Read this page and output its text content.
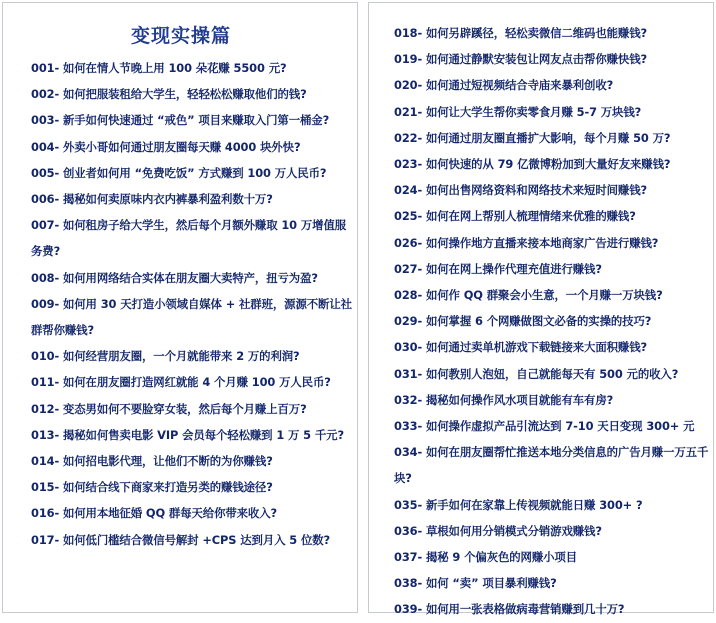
变现实操篇
001- 如何在情人节晚上用 100 朵花赚 5500 元?
002- 如何把服装租给大学生，轻轻松松赚取他们的钱?
003- 新手如何快速通过 “戒色” 项目来赚取入门第一桶金?
004- 外卖小哥如何通过朋友圈每天赚 4000 块外快?
005- 创业者如何用 “免费吃饭” 方式赚到 100 万人民币?
006- 揭秘如何卖原味内衣内裤暴利盈利数十万?
007- 如何租房子给大学生，然后每个月额外赚取 10 万增值服务费?
008- 如何用网络结合实体在朋友圈大卖特产，扭亏为盈?
009- 如何用 30 天打造小领域自媒体 + 社群班，源源不断让社群帮你赚钱?
010- 如何经营朋友圈，一个月就能带来 2 万的利润?
011- 如何在朋友圈打造网红就能 4 个月赚 100 万人民币?
012- 变态男如何不要脸穿女装，然后每个月赚上百万?
013- 揭秘如何售卖电影 VIP 会员每个轻松赚到 1 万 5 千元?
014- 如何招电影代理，让他们不断的为你赚钱?
015- 如何结合线下商家来打造另类的赚钱途径?
016- 如何用本地征婚 QQ 群每天给你带来收入?
017- 如何低门槛结合微信号解封 +CPS 达到月入 5 位数?
018- 如何另辟蹊径，轻松卖微信二维码也能赚钱?
019- 如何通过静默安装包让网友点击帮你赚快钱?
020- 如何通过短视频结合寺庙来暴利创收?
021- 如何让大学生帮你卖零食月赚 5-7 万块钱?
022- 如何通过朋友圈直播扩大影响，每个月赚 50 万?
023- 如何快速的从 79 亿微博粉加到大量好友来赚钱?
024- 如何出售网络资料和网络技术来短时间赚钱?
025- 如何在网上帮别人梳理情绪来优雅的赚钱?
026- 如何操作地方直播来接本地商家广告进行赚钱?
027- 如何在网上操作代理充值进行赚钱?
028- 如何作 QQ 群聚会小生意，一个月赚一万块钱?
029- 如何掌握 6 个网赚做图文必备的实操的技巧?
030- 如何通过卖单机游戏下载链接来大面积赚钱?
031- 如何教别人泡妞，自己就能每天有 500 元的收入?
032- 揭秘如何操作风水项目就能有车有房?
033- 如何操作虚拟产品引流达到 7-10 天日变现 300+ 元
034- 如何在朋友圈帮忙推送本地分类信息的广告月赚一万五千块?
035- 新手如何在家靠上传视频就能日赚 300+ ?
036- 草根如何用分销模式分销游戏赚钱?
037- 揭秘 9 个偏灰色的网赚小项目
038- 如何 “卖” 项目暴利赚钱?
039- 如何用一张表格做病毒营销赚到几十万?
